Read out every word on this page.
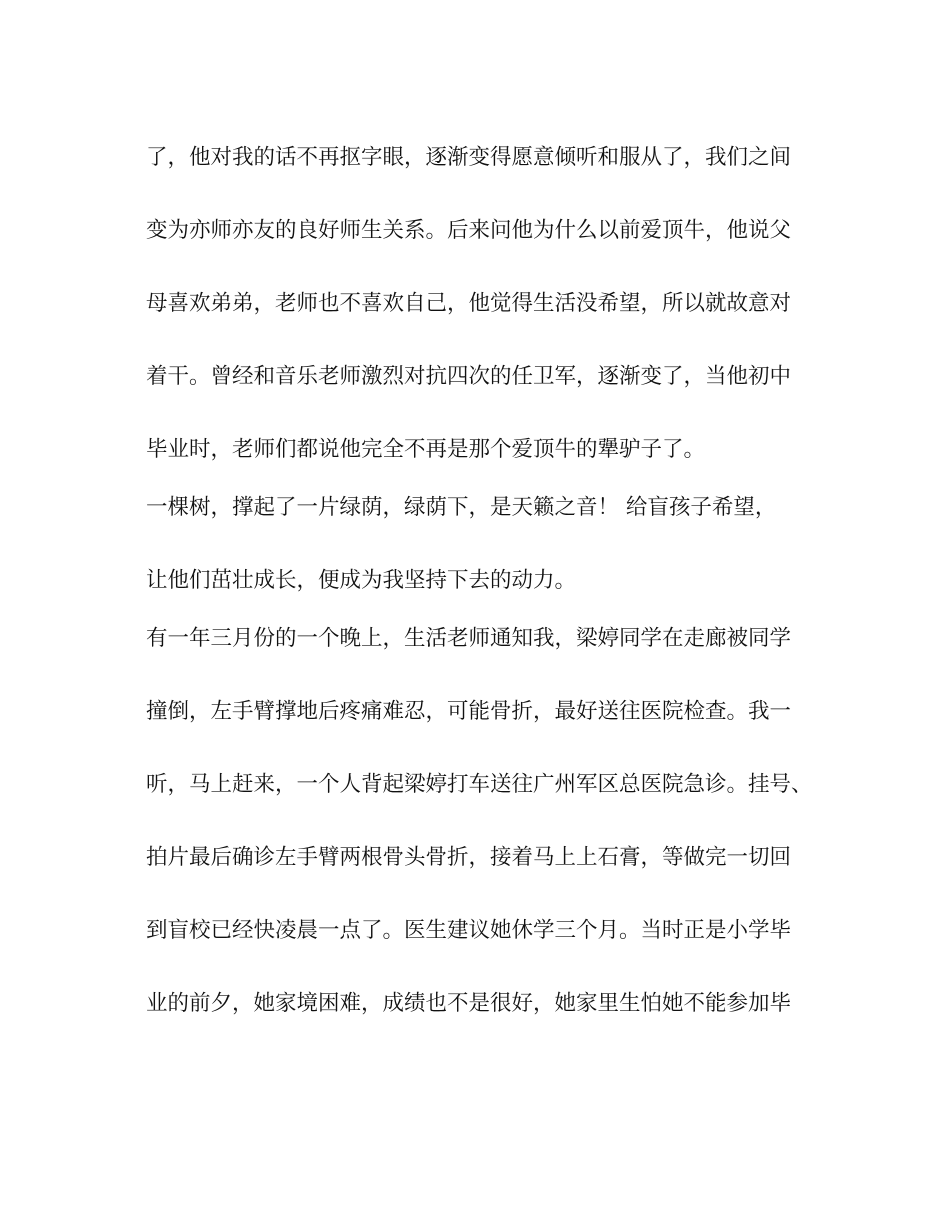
了，他对我的话不再抠字眼，逐渐变得愿意倾听和服从了，我们之间
变为亦师亦友的良好师生关系。后来问他为什么以前爱顶牛，他说父
母喜欢弟弟，老师也不喜欢自己，他觉得生活没希望，所以就故意对
着干。曾经和音乐老师激烈对抗四次的任卫军，逐渐变了，当他初中
毕业时，老师们都说他完全不再是那个爱顶牛的犟驴子了。
一棵树，撑起了一片绿荫，绿荫下，是天籁之音！ 给盲孩子希望，
让他们茁壮成长，便成为我坚持下去的动力。
有一年三月份的一个晚上，生活老师通知我，梁婷同学在走廊被同学
撞倒，左手臂撑地后疼痛难忍，可能骨折，最好送往医院检查。我一
听，马上赶来，一个人背起梁婷打车送往广州军区总医院急诊。挂号、
拍片最后确诊左手臂两根骨头骨折，接着马上上石膏，等做完一切回
到盲校已经快凌晨一点了。医生建议她休学三个月。当时正是小学毕
业的前夕，她家境困难，成绩也不是很好，她家里生怕她不能参加毕
